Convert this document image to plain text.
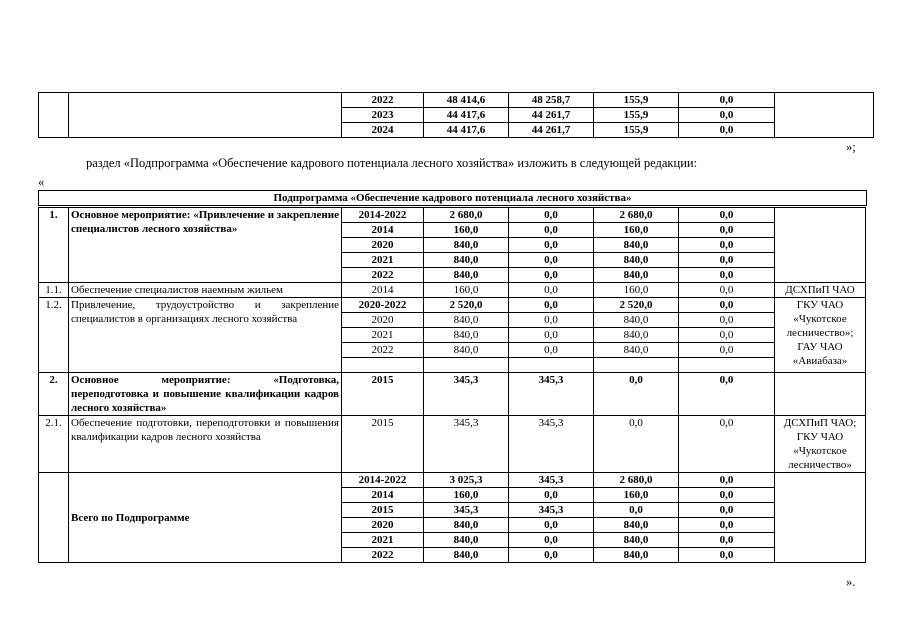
		2022	48 414,6	48 258,7	155,9	0,0	
		2023	44 417,6	44 261,7	155,9	0,0	
		2024	44 417,6	44 261,7	155,9	0,0	
»;
раздел «Подпрограмма «Обеспечение кадрового потенциала лесного хозяйства» изложить в следующей редакции:
«
Подпрограмма «Обеспечение кадрового потенциала лесного хозяйства»
1.	Основное мероприятие: «Привлечение и закрепление специалистов лесного хозяйства»	2014-2022	2 680,0	0,0	2 680,0	0,0	
		2014	160,0	0,0	160,0	0,0	
		2020	840,0	0,0	840,0	0,0	
		2021	840,0	0,0	840,0	0,0	
		2022	840,0	0,0	840,0	0,0	
1.1.	Обеспечение специалистов наемным жильем	2014	160,0	0,0	160,0	0,0	ДСХПиП ЧАО
1.2.	Привлечение, трудоустройство и закрепление специалистов в организациях лесного хозяйства	2020-2022	2 520,0	0,0	2 520,0	0,0	ГКУ ЧАО «Чукотское лесничество»; ГАУ ЧАО «Авиабаза»
		2020	840,0	0,0	840,0	0,0	
		2021	840,0	0,0	840,0	0,0	
		2022	840,0	0,0	840,0	0,0	

2.	Основное мероприятие: «Подготовка, переподготовка и повышение квалификации кадров лесного хозяйства»	2015	345,3	345,3	0,0	0,0	
2.1.	Обеспечение подготовки, переподготовки и повышения квалификации кадров лесного хозяйства	2015	345,3	345,3	0,0	0,0	ДСХПиП ЧАО; ГКУ ЧАО «Чукотское лесничество»
	Всего по Подпрограмме	2014-2022	3 025,3	345,3	2 680,0	0,0	
		2014	160,0	0,0	160,0	0,0	
		2015	345,3	345,3	0,0	0,0	
		2020	840,0	0,0	840,0	0,0	
		2021	840,0	0,0	840,0	0,0	
		2022	840,0	0,0	840,0	0,0	
».
